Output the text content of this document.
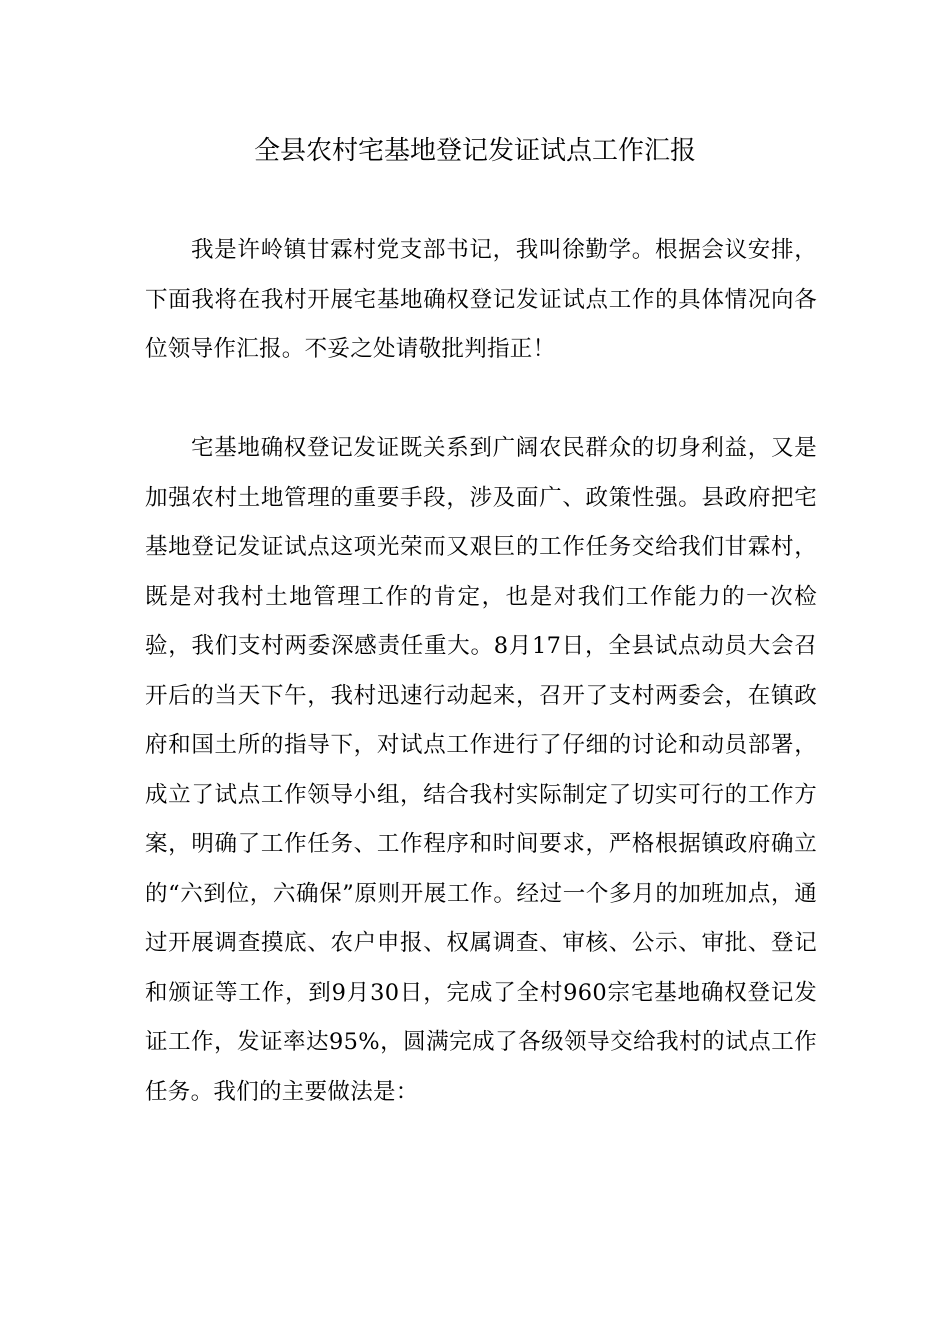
全县农村宅基地登记发证试点工作汇报

我是许岭镇甘霖村党支部书记，我叫徐勤学。根据会议安排，下面我将在我村开展宅基地确权登记发证试点工作的具体情况向各位领导作汇报。不妥之处请敬批判指正！

宅基地确权登记发证既关系到广阔农民群众的切身利益，又是加强农村土地管理的重要手段，涉及面广、政策性强。县政府把宅基地登记发证试点这项光荣而又艰巨的工作任务交给我们甘霖村，既是对我村土地管理工作的肯定，也是对我们工作能力的一次检验，我们支村两委深感责任重大。8月17日，全县试点动员大会召开后的当天下午，我村迅速行动起来，召开了支村两委会，在镇政府和国土所的指导下，对试点工作进行了仔细的讨论和动员部署，成立了试点工作领导小组，结合我村实际制定了切实可行的工作方案，明确了工作任务、工作程序和时间要求，严格根据镇政府确立的“六到位，六确保”原则开展工作。经过一个多月的加班加点，通过开展调查摸底、农户申报、权属调查、审核、公示、审批、登记和颁证等工作，到9月30日，完成了全村960宗宅基地确权登记发证工作，发证率达95%，圆满完成了各级领导交给我村的试点工作任务。我们的主要做法是：
